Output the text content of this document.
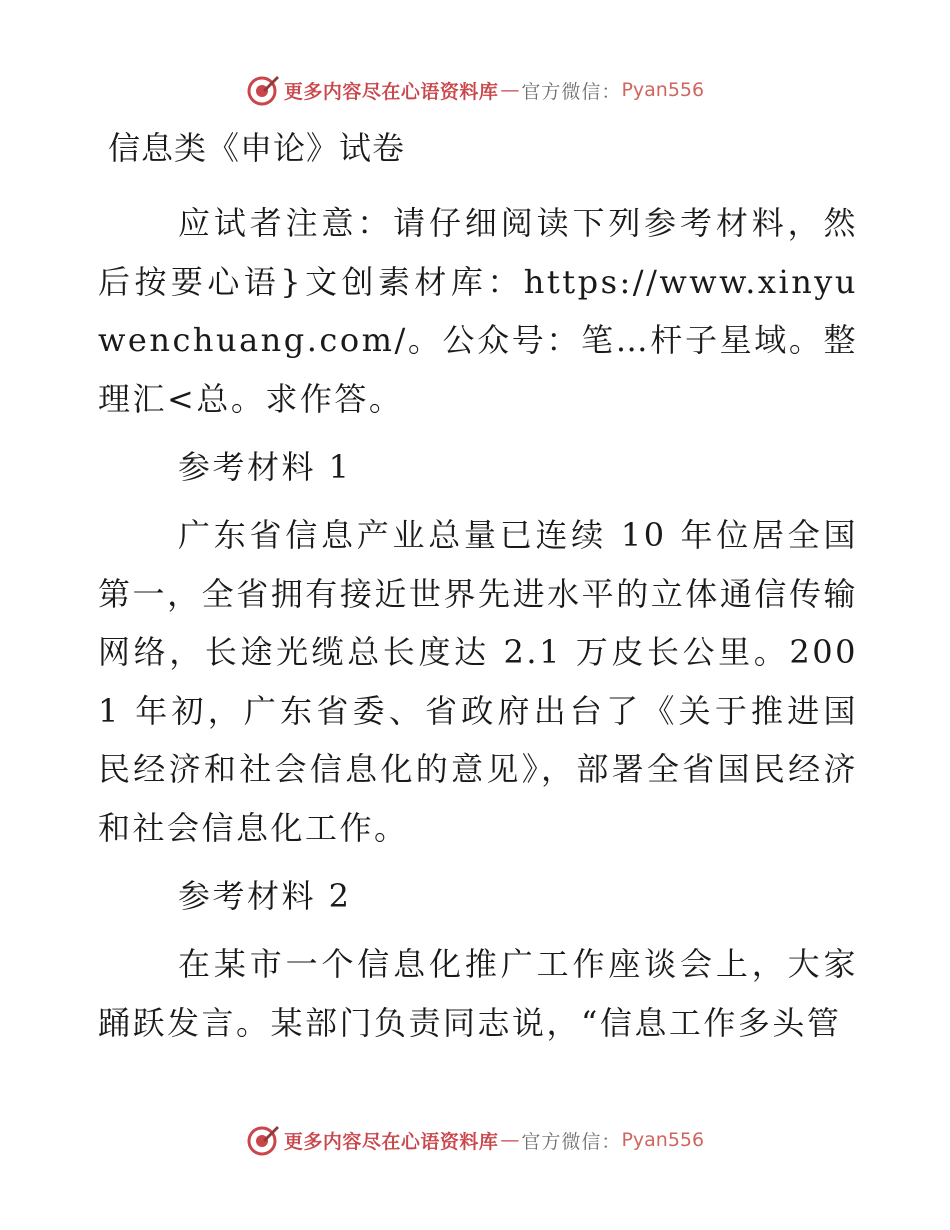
更多内容尽在心语资料库 — 官方微信： Pyan556
信息类《申论》试卷

应试者注意：请仔细阅读下列参考材料，然后按要心语}文创素材库：https://www.xinyuwenchuang.com/。公众号：笔…杆子星域。整理汇<总。求作答。

参考材料 1

广东省信息产业总量已连续 10 年位居全国第一，全省拥有接近世界先进水平的立体通信传输网络，长途光缆总长度达 2.1 万皮长公里。2001 年初，广东省委、省政府出台了《关于推进国民经济和社会信息化的意见》，部署全省国民经济和社会信息化工作。

参考材料 2

在某市一个信息化推广工作座谈会上，大家踊跃发言。某部门负责同志说，“信息工作多头管

更多内容尽在心语资料库 — 官方微信： Pyan556
